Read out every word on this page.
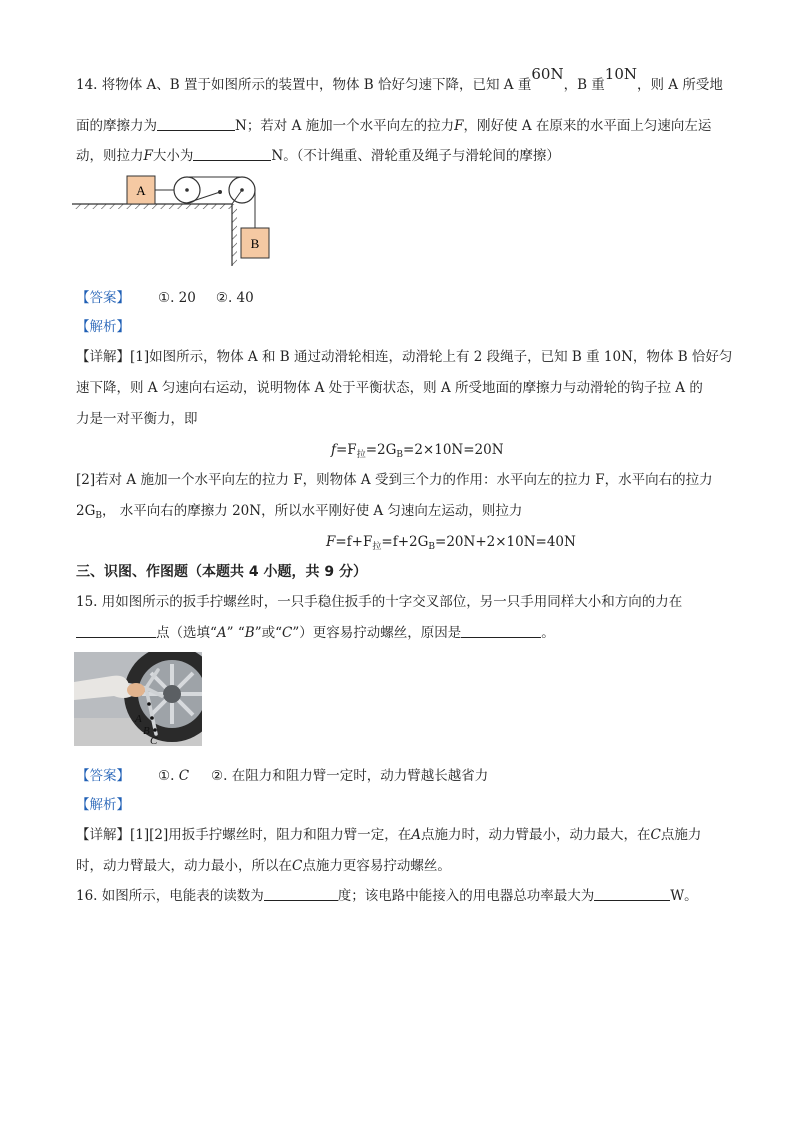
14. 将物体 A、B 置于如图所示的装置中，物体 B 恰好匀速下降，已知 A 重60N，B 重10N，则 A 所受地
面的摩擦力为	N；若对 A 施加一个水平向左的拉力F，刚好使 A 在原来的水平面上匀速向左运
动，则拉力F大小为	N。（不计绳重、滑轮重及绳子与滑轮间的摩擦）
A
B
【答案】 ①. 20 ②. 40
【解析】
【详解】[1]如图所示，物体 A 和 B 通过动滑轮相连，动滑轮上有 2 段绳子，已知 B 重 10N，物体 B 恰好匀
速下降，则 A 匀速向右运动，说明物体 A 处于平衡状态，则 A 所受地面的摩擦力与动滑轮的钩子拉 A 的
力是一对平衡力，即
$f=F_拉=2G_B=2\times 10N=20N$
[2]若对 A 施加一个水平向左的拉力 F，则物体 A 受到三个力的作用：水平向左的拉力 F，水平向右的拉力
$2G_B$， 水平向右的摩擦力 20N，所以水平刚好使 A 匀速向左运动，则拉力
$F=f+F_拉=f+2G_B=20N+2\times 10N=40N$
三、识图、作图题（本题共 4 小题，共 9 分）
15. 用如图所示的扳手拧螺丝时，一只手稳住扳手的十字交叉部位，另一只手用同样大小和方向的力在
点（选填“A” “B”或“C”）更容易拧动螺丝，原因是	。
A
B
C
【答案】 ①. C ②. 在阻力和阻力臂一定时，动力臂越长越省力
【解析】
【详解】[1][2]用扳手拧螺丝时，阻力和阻力臂一定，在A点施力时，动力臂最小，动力最大，在C点施力
时，动力臂最大，动力最小，所以在C点施力更容易拧动螺丝。
16. 如图所示，电能表的读数为	度；该电路中能接入的用电器总功率最大为	W。
